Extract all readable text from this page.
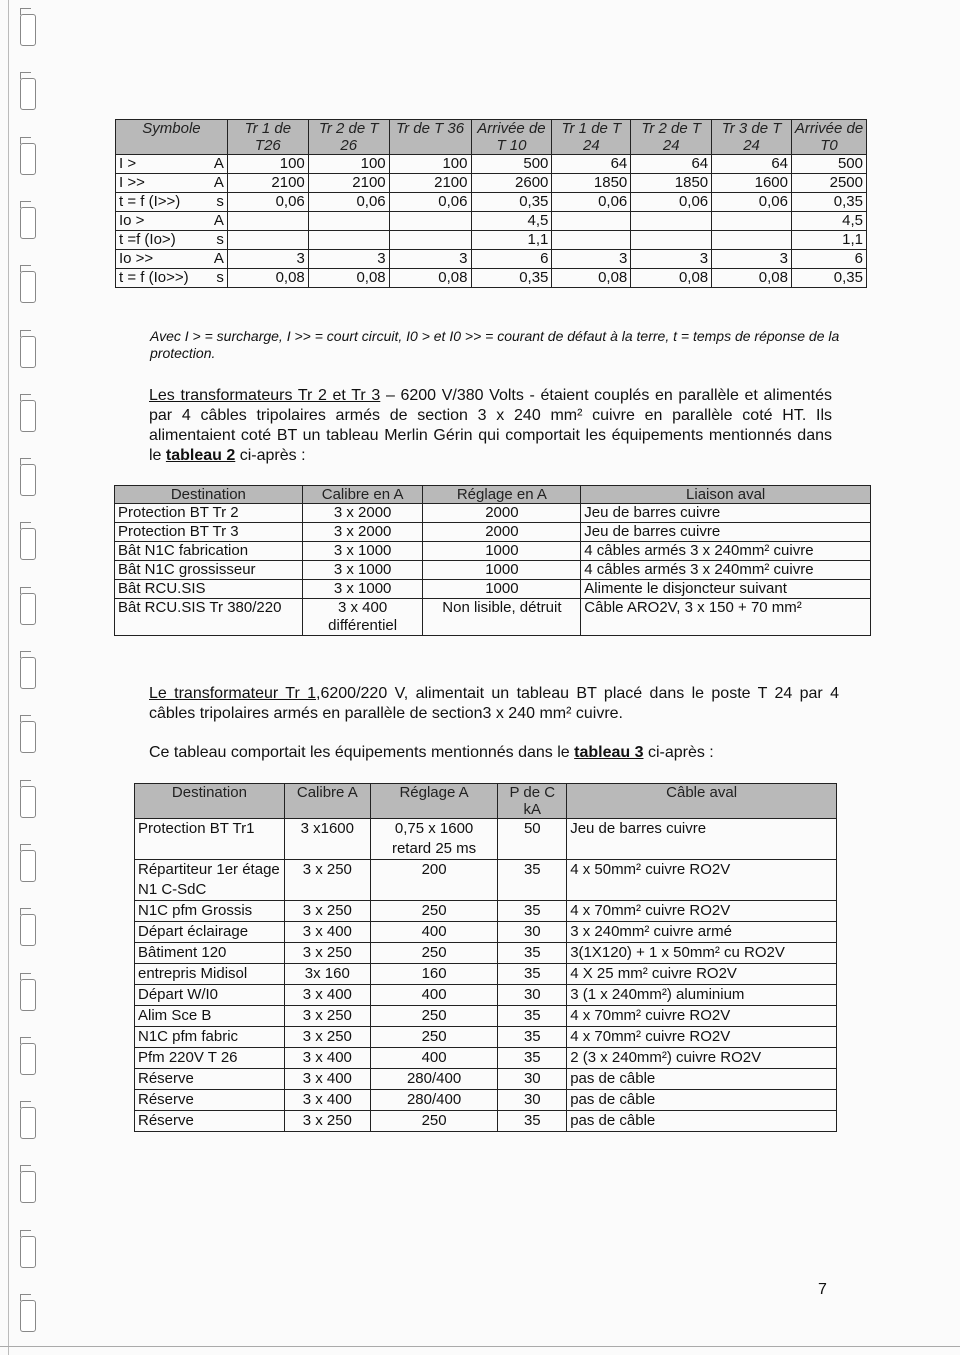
Symbole		Tr 1 de T26	Tr 2 de T 26	Tr de T 36	Arrivée de T 10	Tr 1 de T 24	Tr 2 de T 24	Tr 3 de T 24	Arrivée de T0
I >	A	100	100	100	500	64	64	64	500
I >>	A	2100	2100	2100	2600	1850	1850	1600	2500
t = f (I>>)	s	0,06	0,06	0,06	0,35	0,06	0,06	0,06	0,35
Io >	A				4,5				4,5
t =f (Io>)	s				1,1				1,1
Io >>	A	3	3	3	6	3	3	3	6
t = f (Io>>)	s	0,08	0,08	0,08	0,35	0,08	0,08	0,08	0,35
Avec I > = surcharge, I >> = court circuit, I0 > et I0 >> = courant de défaut à la terre, t = temps de réponse de la protection.
Les transformateurs Tr 2 et Tr 3 – 6200 V/380 Volts - étaient couplés en parallèle et alimentés par 4 câbles tripolaires armés de section 3 x 240 mm² cuivre en parallèle coté HT. Ils alimentaient coté BT un tableau Merlin Gérin qui comportait les équipements mentionnés dans le tableau 2 ci-après :
Destination	Calibre en A	Réglage en A	Liaison aval
Protection BT Tr 2	3 x 2000	2000	Jeu de barres cuivre
Protection BT Tr 3	3 x 2000	2000	Jeu de barres cuivre
Bât N1C fabrication	3 x 1000	1000	4 câbles armés 3 x 240mm² cuivre
Bât N1C grossisseur	3 x 1000	1000	4 câbles armés 3 x 240mm² cuivre
Bât RCU.SIS	3 x 1000	1000	Alimente le disjoncteur suivant
Bât RCU.SIS Tr 380/220	3 x 400 différentiel	Non lisible, détruit	Câble ARO2V, 3 x 150 + 70 mm²
Le transformateur Tr 1,6200/220 V, alimentait un tableau BT placé dans le poste T 24 par 4 câbles tripolaires armés en parallèle de section3 x 240 mm² cuivre.
Ce tableau comportait les équipements mentionnés dans le tableau 3 ci-après :
Destination	Calibre A	Réglage A	P de C kA	Câble aval
Protection BT Tr1	3 x1600	0,75 x 1600 retard 25 ms	50	Jeu de barres cuivre
Répartiteur 1er étage N1 C-SdC	3 x 250	200	35	4 x 50mm² cuivre RO2V
N1C pfm Grossis	3 x 250	250	35	4 x 70mm² cuivre RO2V
Départ éclairage	3 x 400	400	30	3 x 240mm² cuivre armé
Bâtiment 120	3 x 250	250	35	3(1X120) + 1 x 50mm² cu RO2V
entrepris Midisol	3x 160	160	35	4 X 25 mm² cuivre RO2V
Départ W/I0	3 x 400	400	30	3 (1 x 240mm²) aluminium
Alim Sce B	3 x 250	250	35	4 x 70mm² cuivre RO2V
N1C pfm fabric	3 x 250	250	35	4 x 70mm² cuivre RO2V
Pfm 220V T 26	3 x 400	400	35	2 (3 x 240mm²) cuivre RO2V
Réserve	3 x 400	280/400	30	pas de câble
Réserve	3 x 400	280/400	30	pas de câble
Réserve	3 x 250	250	35	pas de câble
7
